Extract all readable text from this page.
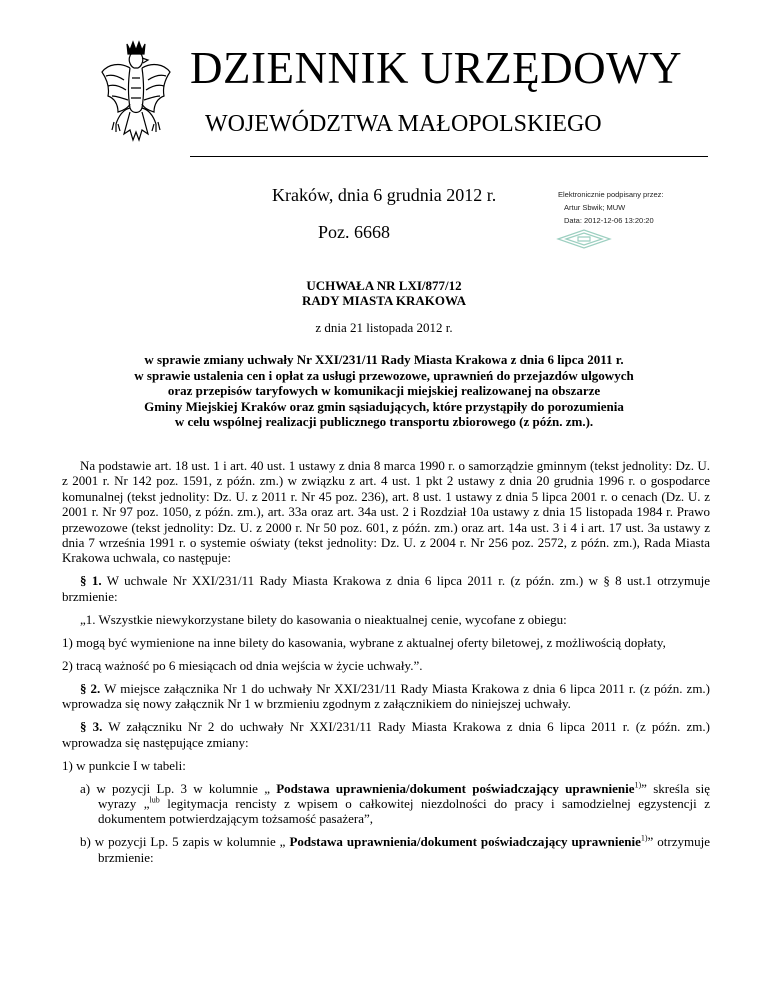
DZIENNIK URZĘDOWY
WOJEWÓDZTWA MAŁOPOLSKIEGO
Kraków, dnia 6 grudnia 2012 r.
Poz. 6668
Elektronicznie podpisany przez:
Artur Sbwik; MUW
Data: 2012-12-06 13:20:20
UCHWAŁA NR LXI/877/12
RADY MIASTA KRAKOWA
z dnia 21 listopada 2012 r.
w sprawie zmiany uchwały Nr XXI/231/11 Rady Miasta Krakowa z dnia 6 lipca 2011 r.
w sprawie ustalenia cen i opłat za usługi przewozowe, uprawnień do przejazdów ulgowych
oraz przepisów taryfowych w komunikacji miejskiej realizowanej na obszarze
Gminy Miejskiej Kraków oraz gmin sąsiadujących, które przystąpiły do porozumienia
w celu wspólnej realizacji publicznego transportu zbiorowego (z późn. zm.).

Na podstawie art. 18 ust. 1 i art. 40 ust. 1 ustawy z dnia 8 marca 1990 r. o samorządzie gminnym (tekst jednolity: Dz. U. z 2001 r. Nr 142 poz. 1591, z późn. zm.) w związku z art. 4 ust. 1 pkt 2 ustawy z dnia 20 grudnia 1996 r. o gospodarce komunalnej (tekst jednolity: Dz. U. z 2011 r. Nr 45 poz. 236), art. 8 ust. 1 ustawy z dnia 5 lipca 2001 r. o cenach (Dz. U. z 2001 r. Nr 97 poz. 1050, z późn. zm.), art. 33a oraz art. 34a ust. 2 i Rozdział 10a ustawy z dnia 15 listopada 1984 r. Prawo przewozowe (tekst jednolity: Dz. U. z 2000 r. Nr 50 poz. 601, z późn. zm.) oraz art. 14a ust. 3 i 4 i art. 17 ust. 3a ustawy z dnia 7 września 1991 r. o systemie oświaty (tekst jednolity: Dz. U. z 2004 r. Nr 256 poz. 2572, z późn. zm.), Rada Miasta Krakowa uchwala, co następuje:

§ 1. W uchwale Nr XXI/231/11 Rady Miasta Krakowa z dnia 6 lipca 2011 r. (z późn. zm.) w § 8 ust.1 otrzymuje brzmienie:

„1. Wszystkie niewykorzystane bilety do kasowania o nieaktualnej cenie, wycofane z obiegu:

1) mogą być wymienione na inne bilety do kasowania, wybrane z aktualnej oferty biletowej, z możliwością dopłaty,

2) tracą ważność po 6 miesiącach od dnia wejścia w życie uchwały.”.

§ 2. W miejsce załącznika Nr 1 do uchwały Nr XXI/231/11 Rady Miasta Krakowa z dnia 6 lipca 2011 r. (z późn. zm.) wprowadza się nowy załącznik Nr 1 w brzmieniu zgodnym z załącznikiem do niniejszej uchwały.

§ 3. W załączniku Nr 2 do uchwały Nr XXI/231/11 Rady Miasta Krakowa z dnia 6 lipca 2011 r. (z późn. zm.) wprowadza się następujące zmiany:

1) w punkcie I w tabeli:

a) w pozycji Lp. 3 w kolumnie „ Podstawa uprawnienia/dokument poświadczający uprawnienie$^{1)}$” skreśla się wyrazy „$^{lub}$ legitymacja rencisty z wpisem o całkowitej niezdolności do pracy i samodzielnej egzystencji z dokumentem potwierdzającym tożsamość pasażera”,

b) w pozycji Lp. 5 zapis w kolumnie „ Podstawa uprawnienia/dokument poświadczający uprawnienie$^{1)}$” otrzymuje brzmienie:
